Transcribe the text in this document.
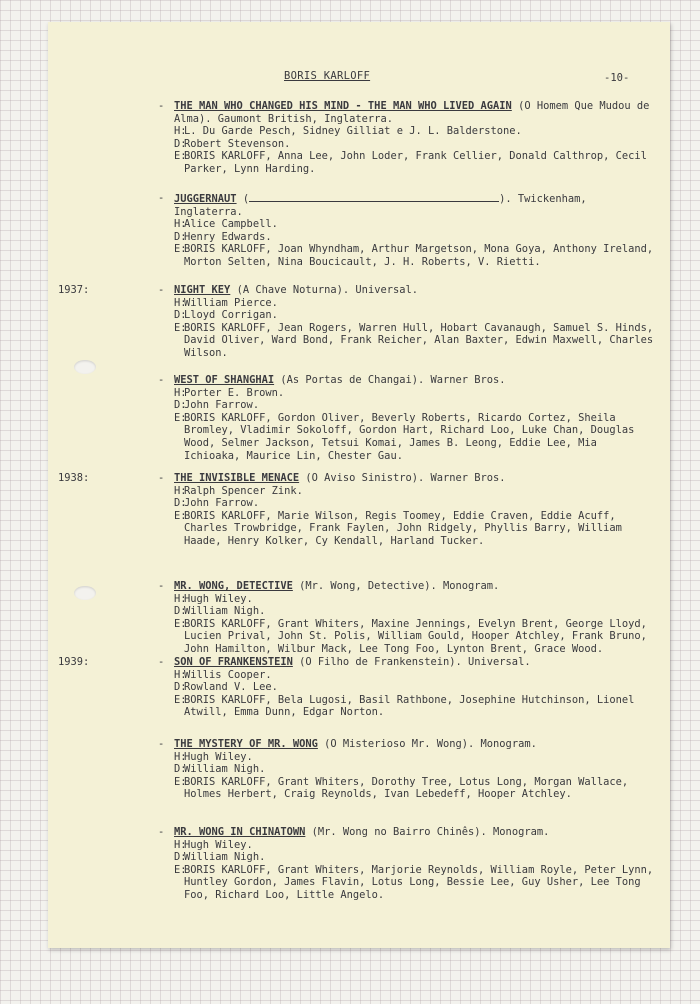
BORIS KARLOFF	-10-
- THE MAN WHO CHANGED HIS MIND - THE MAN WHO LIVED AGAIN (O Homem Que Mudou de Alma). Gaumont British, Inglaterra.
H:
L. Du Garde Pesch, Sidney Gilliat e J. L. Balderstone.
D:
Robert Stevenson.
E:
BORIS KARLOFF, Anna Lee, John Loder, Frank Cellier, Donald Calthrop, Cecil Parker, Lynn Harding.
- JUGGERNAUT (	). Twickenham, Inglaterra.
H:
Alice Campbell.
D:
Henry Edwards.
E:
BORIS KARLOFF, Joan Whyndham, Arthur Margetson, Mona Goya, Anthony Ireland, Morton Selten, Nina Boucicault, J. H. Roberts, V. Rietti.
1937:	- NIGHT KEY (A Chave Noturna). Universal.
H:
William Pierce.
D:
Lloyd Corrigan.
E:
BORIS KARLOFF, Jean Rogers, Warren Hull, Hobart Cavanaugh, Samuel S. Hinds, David Oliver, Ward Bond, Frank Reicher, Alan Baxter, Edwin Maxwell, Charles Wilson.
- WEST OF SHANGHAI (As Portas de Changai). Warner Bros.
H:
Porter E. Brown.
D:
John Farrow.
E:
BORIS KARLOFF, Gordon Oliver, Beverly Roberts, Ricardo Cortez, Sheila Bromley, Vladimir Sokoloff, Gordon Hart, Richard Loo, Luke Chan, Douglas Wood, Selmer Jackson, Tetsui Komai, James B. Leong, Eddie Lee, Mia Ichioaka, Maurice Lin, Chester Gau.
1938:	- THE INVISIBLE MENACE (O Aviso Sinistro). Warner Bros.
H:
Ralph Spencer Zink.
D:
John Farrow.
E:
BORIS KARLOFF, Marie Wilson, Regis Toomey, Eddie Craven, Eddie Acuff, Charles Trowbridge, Frank Faylen, John Ridgely, Phyllis Barry, William Haade, Henry Kolker, Cy Kendall, Harland Tucker.
- MR. WONG, DETECTIVE (Mr. Wong, Detective). Monogram.
H:
Hugh Wiley.
D:
William Nigh.
E:
BORIS KARLOFF, Grant Whiters, Maxine Jennings, Evelyn Brent, George Lloyd, Lucien Prival, John St. Polis, William Gould, Hooper Atchley, Frank Bruno, John Hamilton, Wilbur Mack, Lee Tong Foo, Lynton Brent, Grace Wood.
1939:	- SON OF FRANKENSTEIN (O Filho de Frankenstein). Universal.
H:
Willis Cooper.
D:
Rowland V. Lee.
E:
BORIS KARLOFF, Bela Lugosi, Basil Rathbone, Josephine Hutchinson, Lionel Atwill, Emma Dunn, Edgar Norton.
- THE MYSTERY OF MR. WONG (O Misterioso Mr. Wong). Monogram.
H:
Hugh Wiley.
D:
William Nigh.
E:
BORIS KARLOFF, Grant Whiters, Dorothy Tree, Lotus Long, Morgan Wallace, Holmes Herbert, Craig Reynolds, Ivan Lebedeff, Hooper Atchley.
- MR. WONG IN CHINATOWN (Mr. Wong no Bairro Chinês). Monogram.
H:
Hugh Wiley.
D:
William Nigh.
E:
BORIS KARLOFF, Grant Whiters, Marjorie Reynolds, William Royle, Peter Lynn, Huntley Gordon, James Flavin, Lotus Long, Bessie Lee, Guy Usher, Lee Tong Foo, Richard Loo, Little Angelo.
